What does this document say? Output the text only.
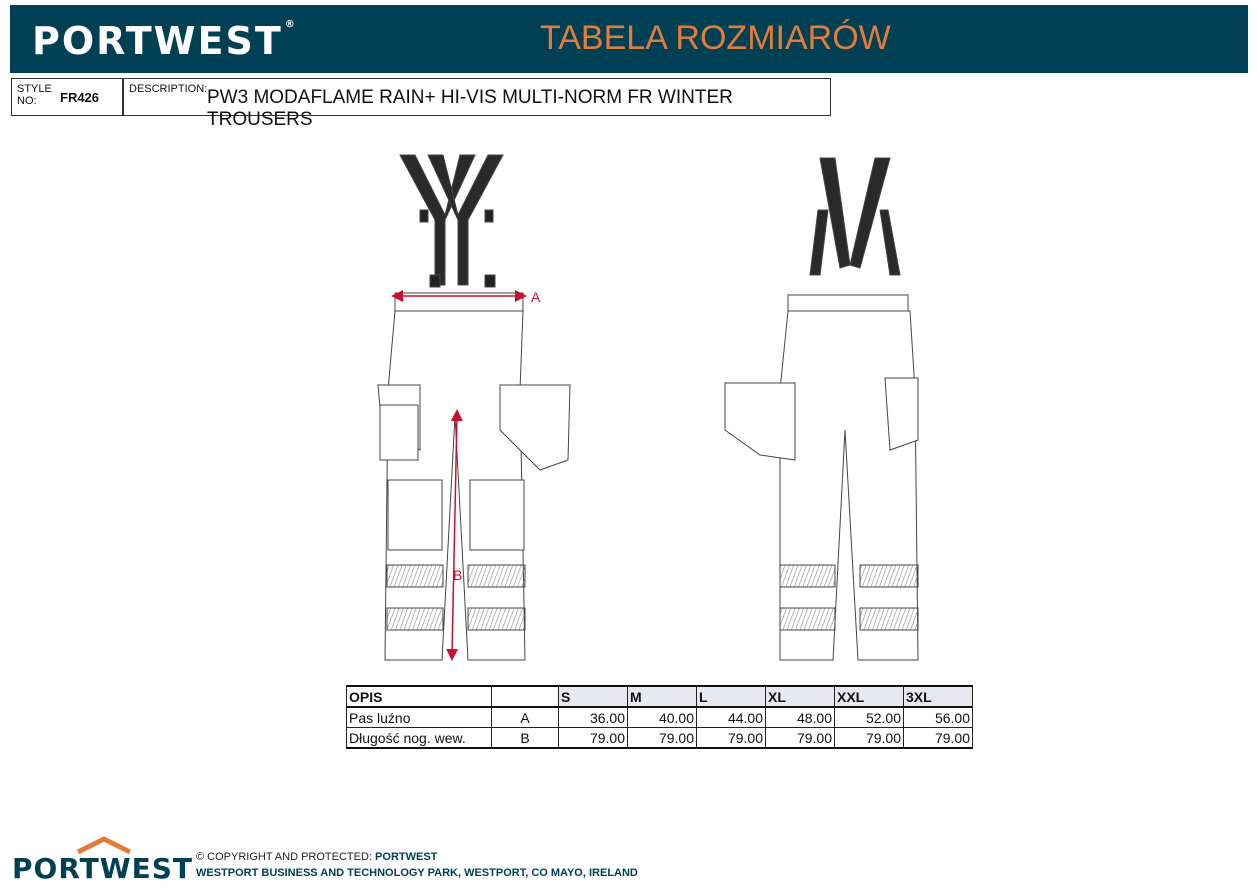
PORTWEST ®	TABELA ROZMIARÓW
STYLE
NO:	FR426
DESCRIPTION: PW3 MODAFLAME RAIN+ HI-VIS MULTI-NORM FR WINTER TROUSERS
A
B
OPIS		S	M	L	XL	XXL	3XL
Pas luźno	A	36.00	40.00	44.00	48.00	52.00	56.00
Długość nog. wew.	B	79.00	79.00	79.00	79.00	79.00	79.00
PORTWEST © COPYRIGHT AND PROTECTED: PORTWEST
WESTPORT BUSINESS AND TECHNOLOGY PARK, WESTPORT, CO MAYO, IRELAND
